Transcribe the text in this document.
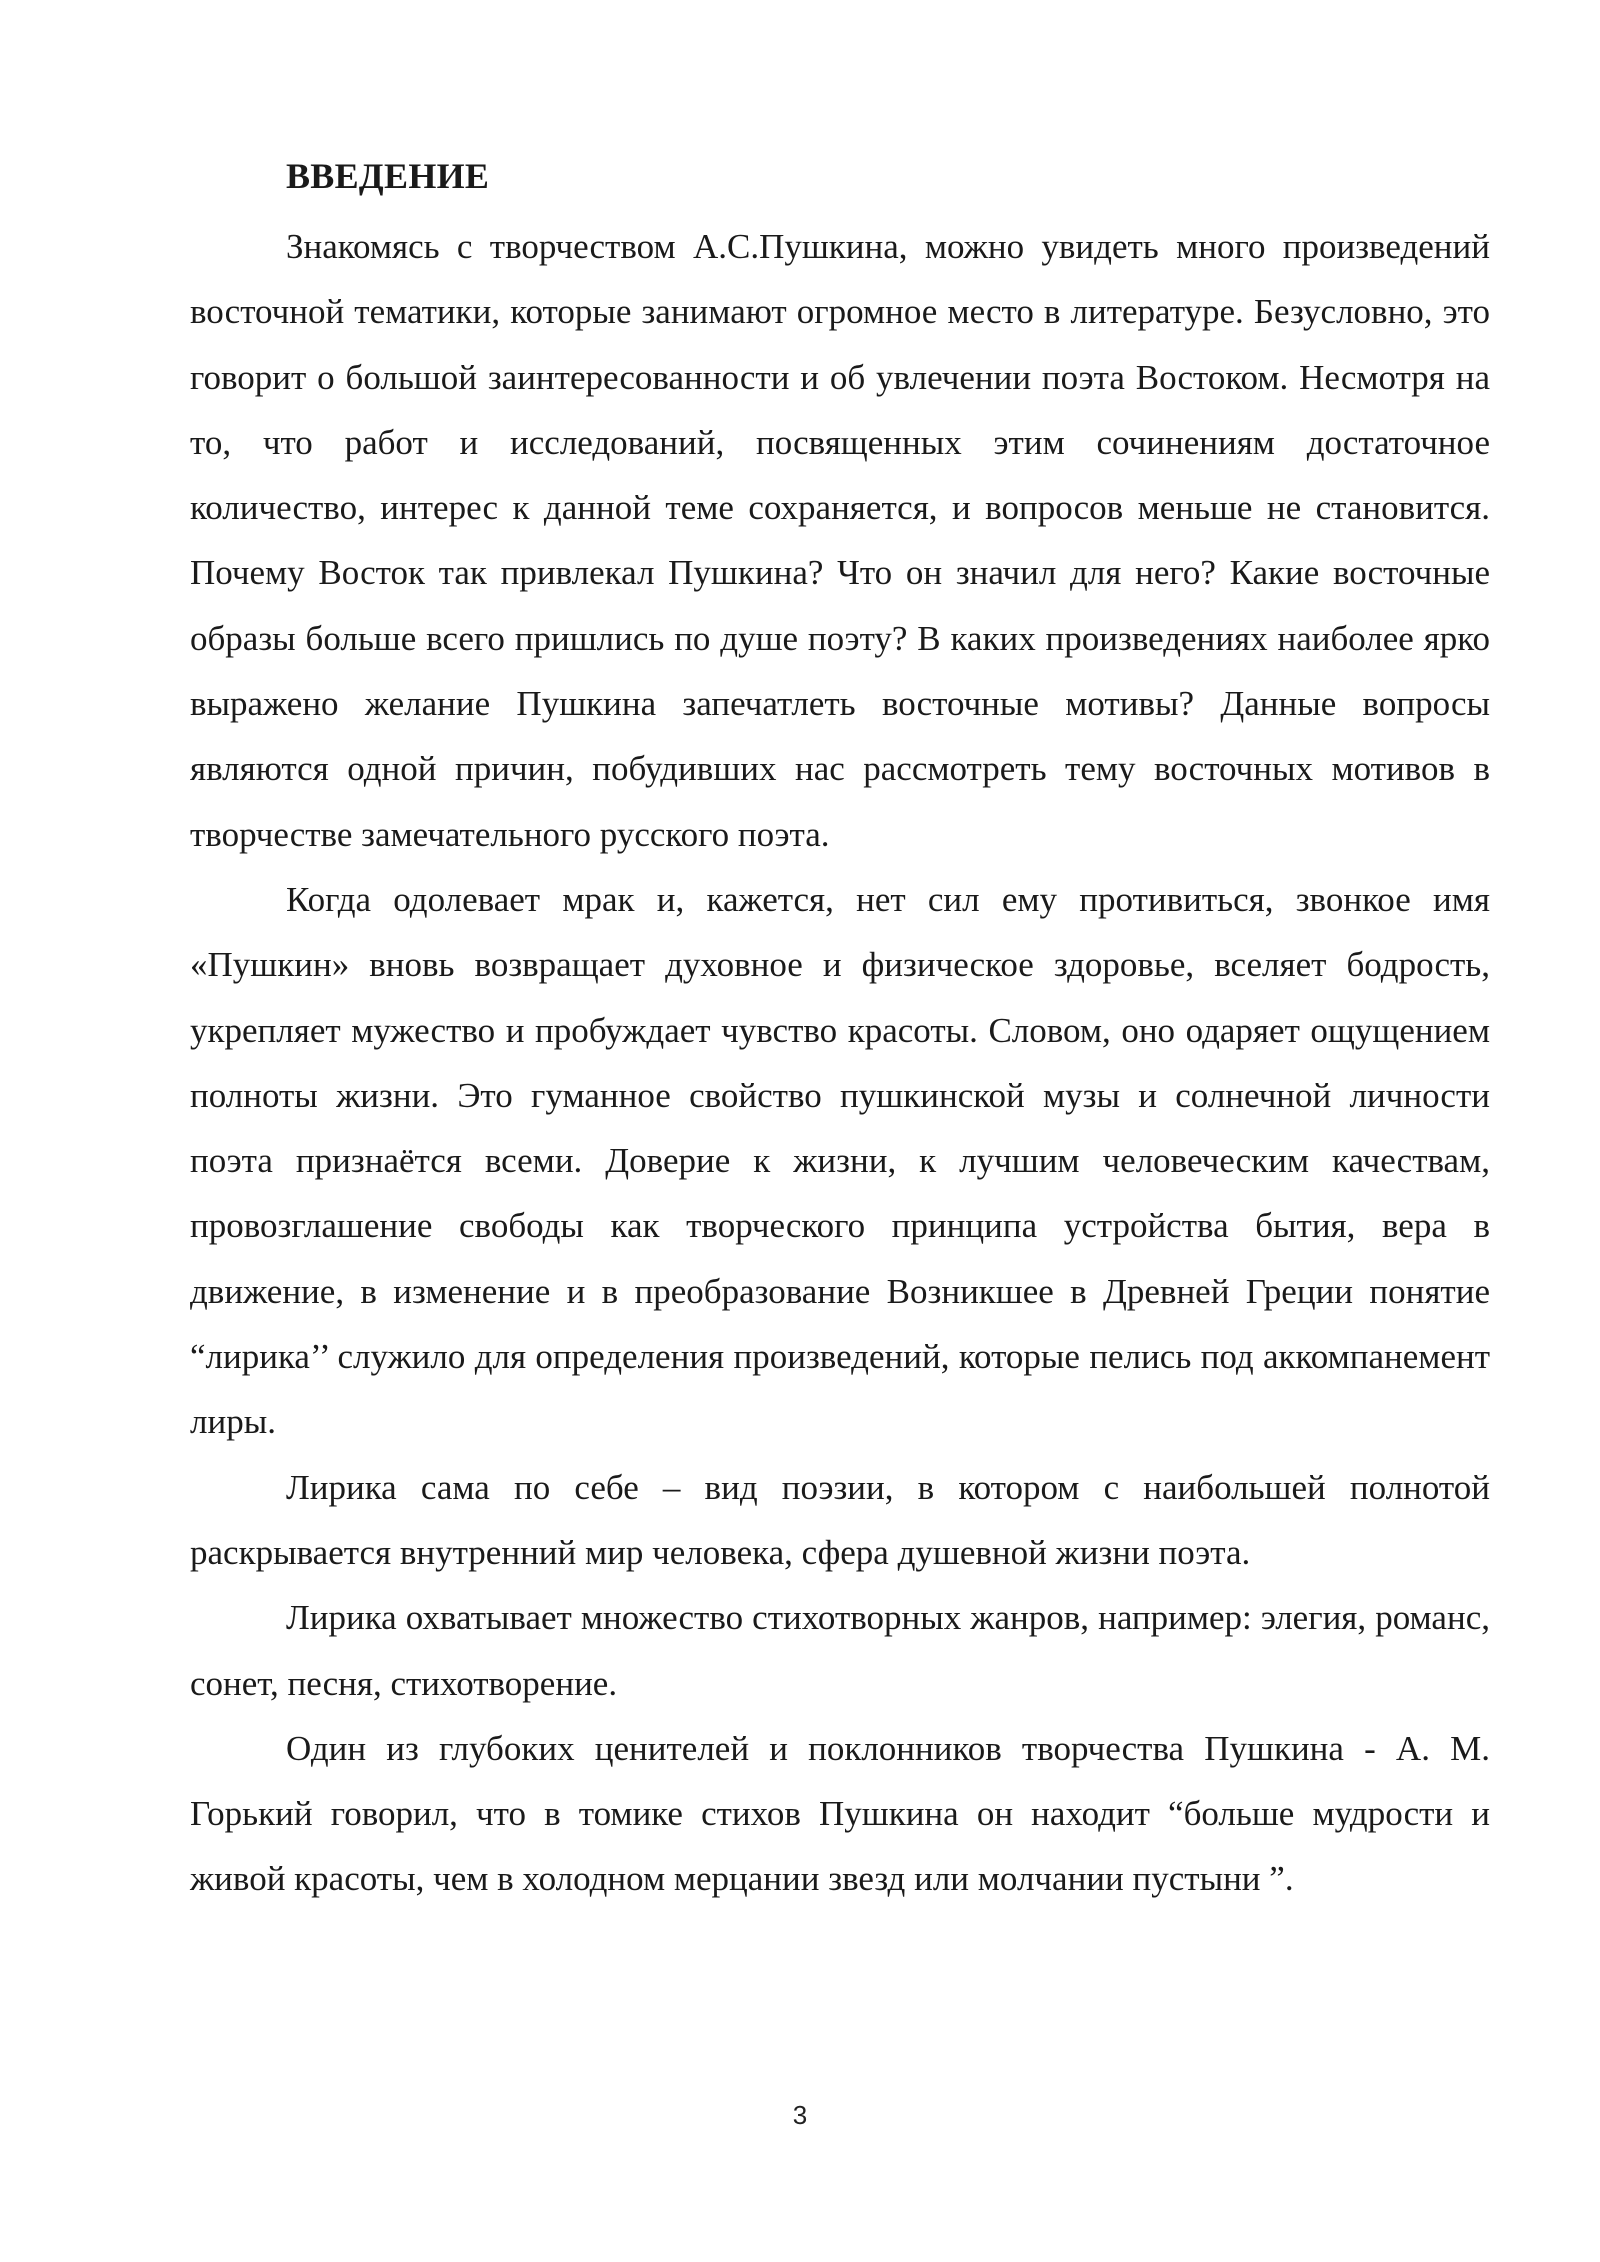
ВВЕДЕНИЕ

Знакомясь с творчеством А.С.Пушкина, можно увидеть много произведений восточной тематики, которые занимают огромное место в литературе. Безусловно, это говорит о большой заинтересованности и об увлечении поэта Востоком. Несмотря на то, что работ и исследований, посвященных этим сочинениям достаточное количество, интерес к данной теме сохраняется, и вопросов меньше не становится. Почему Восток так привлекал Пушкина? Что он значил для него? Какие восточные образы больше всего пришлись по душе поэту? В каких произведениях наиболее ярко выражено желание Пушкина запечатлеть восточные мотивы? Данные вопросы являются одной причин, побудивших нас рассмотреть тему восточных мотивов в творчестве замечательного русского поэта.

Когда одолевает мрак и, кажется, нет сил ему противиться, звонкое имя «Пушкин» вновь возвращает духовное и физическое здоровье, вселяет бодрость, укрепляет мужество и пробуждает чувство красоты. Словом, оно одаряет ощущением полноты жизни. Это гуманное свойство пушкинской музы и солнечной личности поэта признаётся всеми. Доверие к жизни, к лучшим человеческим качествам, провозглашение свободы как творческого принципа устройства бытия, вера в движение, в изменение и в преобразование Возникшее в Древней Греции понятие “лирика’’ служило для определения произведений, которые пелись под аккомпанемент лиры.

Лирика сама по себе – вид поэзии, в котором с наибольшей полнотой раскрывается внутренний мир человека, сфера душевной жизни поэта.

Лирика охватывает множество стихотворных жанров, например: элегия, романс, сонет, песня, стихотворение.

Один из глубоких ценителей и поклонников творчества Пушкина - А. М. Горький говорил, что в томике стихов Пушкина он находит “больше мудрости и живой красоты, чем в холодном мерцании звезд или молчании пустыни ”.

3
